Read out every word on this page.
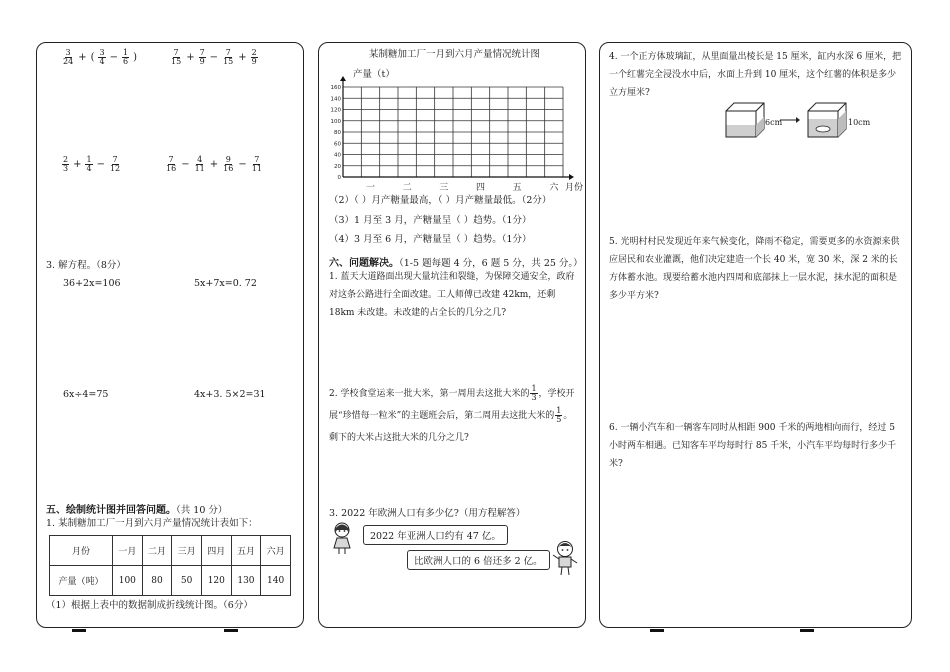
$\frac{3}{24}$ + ( $\frac{3}{4} - \frac{1}{6}$ )	$\frac{7}{15} + \frac{7}{9} - \frac{7}{15} + \frac{2}{9}$
$\frac{2}{3} + \frac{1}{4} - \frac{7}{12}$	$\frac{7}{16} - \frac{4}{11} + \frac{9}{16} - \frac{7}{11}$
3. 解方程。（8分）
36+2x=106	5x+7x=0. 72
6x÷4=75	4x+3. 5×2=31
五、绘制统计图并回答问题。（共 10 分）
1. 某制糖加工厂一月到六月产量情况统计表如下：
月份	一月	二月	三月	四月	五月	六月
产量（吨）	100	80	50	120	130	140
（1）根据上表中的数据制成折线统计图。（6分）
某制糖加工厂一月到六月产量情况统计图
产量（t）
160
140
120
100
80
60
40
20
0
一	二	三	四	五	六 月份
（2）（ ）月产糖量最高，（ ）月产糖量最低。（2分）
（3）1 月至 3 月，产糖量呈（ ）趋势。（1分）
（4）3 月至 6 月，产糖量呈（ ）趋势。（1分）
六、问题解决。（1-5 题每题 4 分，6 题 5 分，共 25 分。）
1. 蓝天大道路面出现大量坑洼和裂缝，为保障交通安全，政府对这条公路进行全面改建。工人师傅已改建 42km，还剩 18km 未改建。未改建的占全长的几分之几?
2. 学校食堂运来一批大米，第一周用去这批大米的 $\frac{1}{3}$ ，学校开展“珍惜每一粒米”的主题班会后，第二周用去这批大米的 $\frac{1}{5}$ 。剩下的大米占这批大米的几分之几?
3. 2022 年欧洲人口有多少亿?（用方程解答）
2022 年亚洲人口约有 47 亿。
比欧洲人口的 6 倍还多 2 亿。
4. 一个正方体玻璃缸，从里面量出棱长是 15 厘米，缸内水深 6 厘米，把一个红薯完全浸没水中后，水面上升到 10 厘米，这个红薯的体积是多少立方厘米?
6cm	10cm
5. 光明村村民发现近年来气候变化，降雨不稳定，需要更多的水资源来供应居民和农业灌溉，他们决定建造一个长 40 米，宽 30 米，深 2 米的长方体蓄水池。现要给蓄水池内四周和底部抹上一层水泥，抹水泥的面积是多少平方米?
6. 一辆小汽车和一辆客车同时从相距 900 千米的两地相向而行，经过 5 小时两车相遇。已知客车平均每时行 85 千米，小汽车平均每时行多少千米?
